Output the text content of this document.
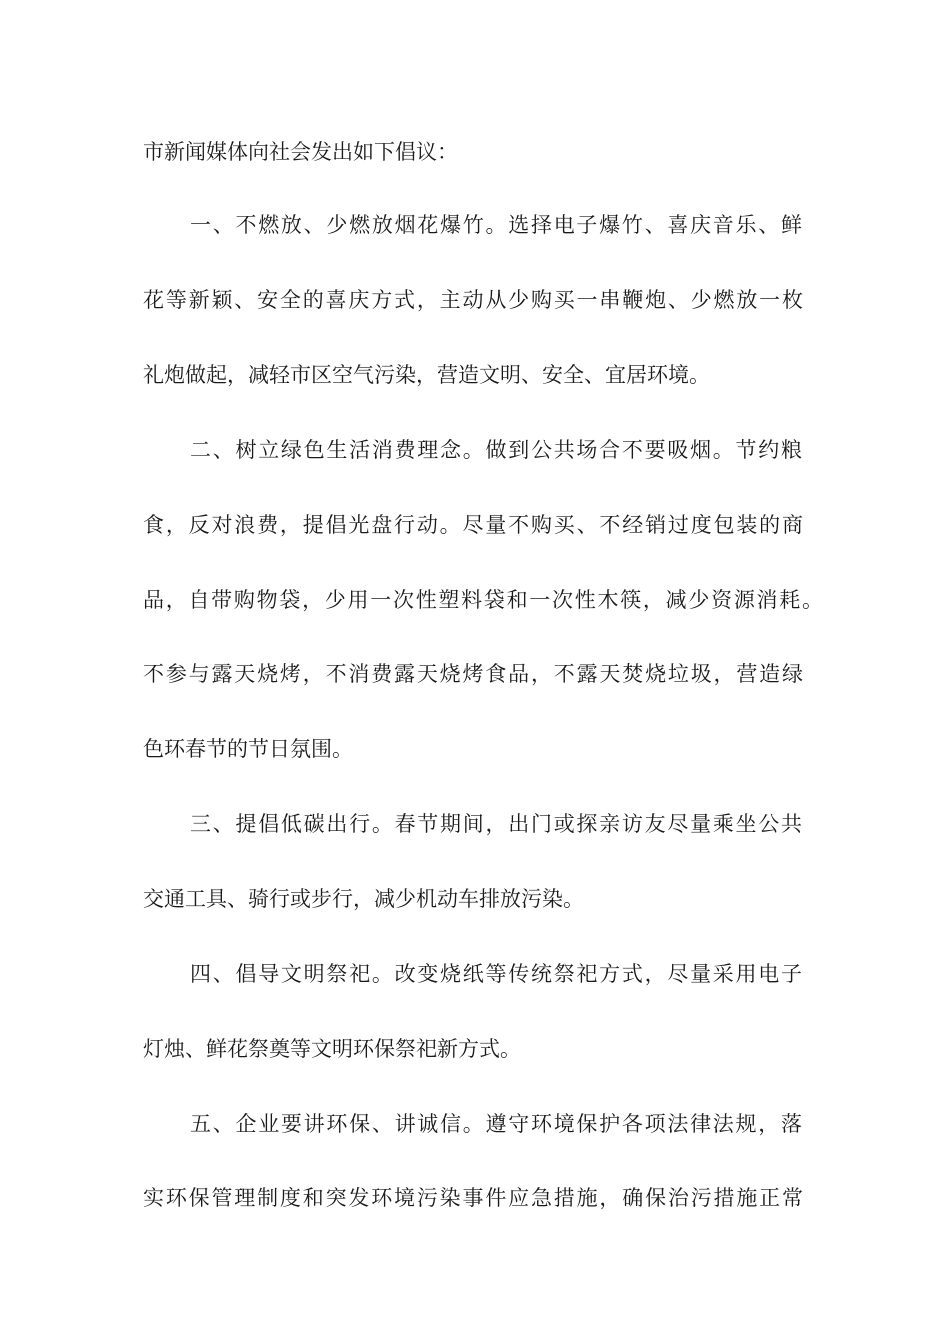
市新闻媒体向社会发出如下倡议：
一、不燃放、少燃放烟花爆竹。选择电子爆竹、喜庆音乐、鲜
花等新颖、安全的喜庆方式，主动从少购买一串鞭炮、少燃放一枚
礼炮做起，减轻市区空气污染，营造文明、安全、宜居环境。
二、树立绿色生活消费理念。做到公共场合不要吸烟。节约粮
食，反对浪费，提倡光盘行动。尽量不购买、不经销过度包装的商
品，自带购物袋，少用一次性塑料袋和一次性木筷，减少资源消耗。
不参与露天烧烤，不消费露天烧烤食品，不露天焚烧垃圾，营造绿
色环春节的节日氛围。
三、提倡低碳出行。春节期间，出门或探亲访友尽量乘坐公共
交通工具、骑行或步行，减少机动车排放污染。
四、倡导文明祭祀。改变烧纸等传统祭祀方式，尽量采用电子
灯烛、鲜花祭奠等文明环保祭祀新方式。
五、企业要讲环保、讲诚信。遵守环境保护各项法律法规，落
实环保管理制度和突发环境污染事件应急措施，确保治污措施正常
